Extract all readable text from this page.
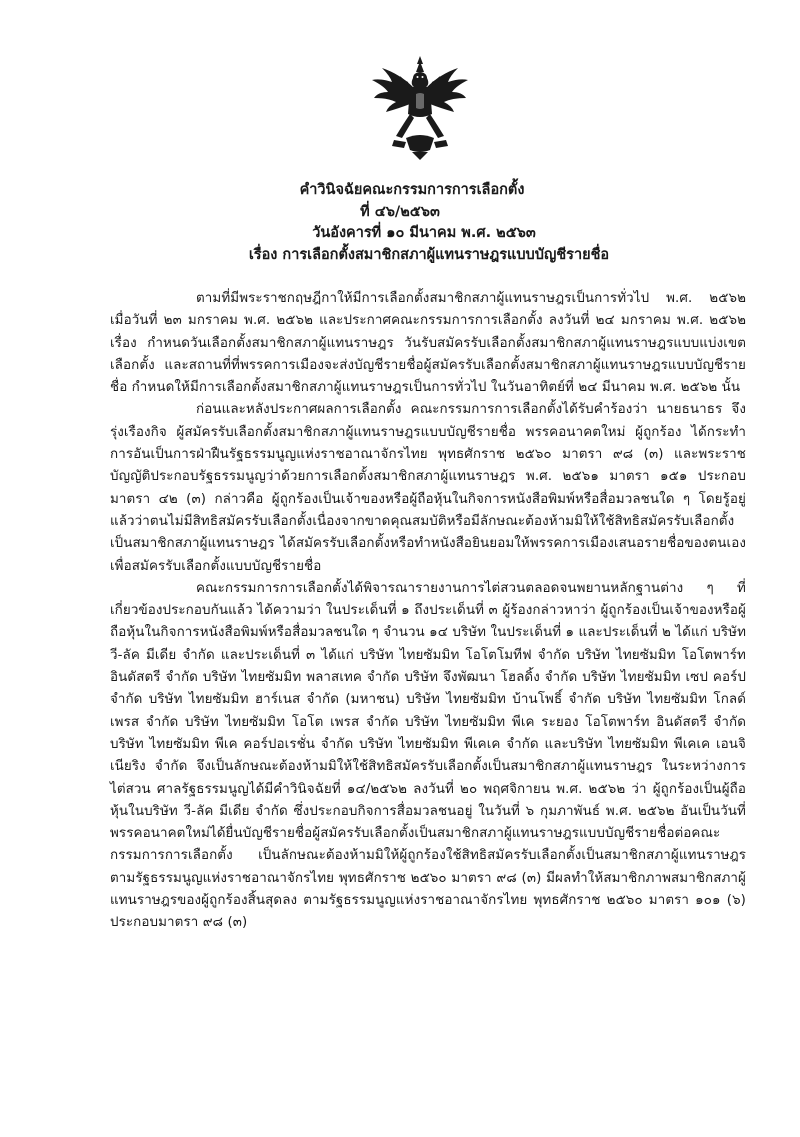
คำวินิจฉัยคณะกรรมการการเลือกตั้ง
ที่ ๔๖/๒๕๖๓
วันอังคารที่ ๑๐ มีนาคม พ.ศ. ๒๕๖๓
เรื่อง การเลือกตั้งสมาชิกสภาผู้แทนราษฎรแบบบัญชีรายชื่อ

ตามที่มีพระราชกฤษฎีกาให้มีการเลือกตั้งสมาชิกสภาผู้แทนราษฎรเป็นการทั่วไป พ.ศ. ๒๕๖๒ เมื่อวันที่ ๒๓ มกราคม พ.ศ. ๒๕๖๒ และประกาศคณะกรรมการการเลือกตั้ง ลงวันที่ ๒๔ มกราคม พ.ศ. ๒๕๖๒ เรื่อง กำหนดวันเลือกตั้งสมาชิกสภาผู้แทนราษฎร วันรับสมัครรับเลือกตั้งสมาชิกสภาผู้แทนราษฎรแบบแบ่งเขตเลือกตั้ง และสถานที่ที่พรรคการเมืองจะส่งบัญชีรายชื่อผู้สมัครรับเลือกตั้งสมาชิกสภาผู้แทนราษฎรแบบบัญชีรายชื่อ กำหนดให้มีการเลือกตั้งสมาชิกสภาผู้แทนราษฎรเป็นการทั่วไป ในวันอาทิตย์ที่ ๒๔ มีนาคม พ.ศ. ๒๕๖๒ นั้น

ก่อนและหลังประกาศผลการเลือกตั้ง คณะกรรมการการเลือกตั้งได้รับคำร้องว่า นายธนาธร จึงรุ่งเรืองกิจ ผู้สมัครรับเลือกตั้งสมาชิกสภาผู้แทนราษฎรแบบบัญชีรายชื่อ พรรคอนาคตใหม่ ผู้ถูกร้อง ได้กระทำการอันเป็นการฝ่าฝืนรัฐธรรมนูญแห่งราชอาณาจักรไทย พุทธศักราช ๒๕๖๐ มาตรา ๙๘ (๓) และพระราชบัญญัติประกอบรัฐธรรมนูญว่าด้วยการเลือกตั้งสมาชิกสภาผู้แทนราษฎร พ.ศ. ๒๕๖๑ มาตรา ๑๕๑ ประกอบมาตรา ๔๒ (๓) กล่าวคือ ผู้ถูกร้องเป็นเจ้าของหรือผู้ถือหุ้นในกิจการหนังสือพิมพ์หรือสื่อมวลชนใด ๆ โดยรู้อยู่แล้วว่าตนไม่มีสิทธิสมัครรับเลือกตั้งเนื่องจากขาดคุณสมบัติหรือมีลักษณะต้องห้ามมิให้ใช้สิทธิสมัครรับเลือกตั้งเป็นสมาชิกสภาผู้แทนราษฎร ได้สมัครรับเลือกตั้งหรือทำหนังสือยินยอมให้พรรคการเมืองเสนอรายชื่อของตนเองเพื่อสมัครรับเลือกตั้งแบบบัญชีรายชื่อ

คณะกรรมการการเลือกตั้งได้พิจารณารายงานการไต่สวนตลอดจนพยานหลักฐานต่าง ๆ ที่เกี่ยวข้องประกอบกันแล้ว ได้ความว่า ในประเด็นที่ ๑ ถึงประเด็นที่ ๓ ผู้ร้องกล่าวหาว่า ผู้ถูกร้องเป็นเจ้าของหรือผู้ถือหุ้นในกิจการหนังสือพิมพ์หรือสื่อมวลชนใด ๆ จำนวน ๑๔ บริษัท ในประเด็นที่ ๑ และประเด็นที่ ๒ ได้แก่ บริษัท วี-ลัค มีเดีย จำกัด และประเด็นที่ ๓ ได้แก่ บริษัท ไทยซัมมิท โอโตโมทีฟ จำกัด บริษัท ไทยซัมมิท โอโตพาร์ท อินดัสตรี จำกัด บริษัท ไทยซัมมิท พลาสเทค จำกัด บริษัท จึงพัฒนา โฮลดิ้ง จำกัด บริษัท ไทยซัมมิท เซป คอร์ป จำกัด บริษัท ไทยซัมมิท ฮาร์เนส จำกัด (มหาชน) บริษัท ไทยซัมมิท บ้านโพธิ์ จำกัด บริษัท ไทยซัมมิท โกลด์ เพรส จำกัด บริษัท ไทยซัมมิท โอโต เพรส จำกัด บริษัท ไทยซัมมิท พีเค ระยอง โอโตพาร์ท อินดัสตรี จำกัด บริษัท ไทยซัมมิท พีเค คอร์ปอเรชั่น จำกัด บริษัท ไทยซัมมิท พีเคเค จำกัด และบริษัท ไทยซัมมิท พีเคเค เอนจิเนียริง จำกัด จึงเป็นลักษณะต้องห้ามมิให้ใช้สิทธิสมัครรับเลือกตั้งเป็นสมาชิกสภาผู้แทนราษฎร ในระหว่างการไต่สวน ศาลรัฐธรรมนูญได้มีคำวินิจฉัยที่ ๑๔/๒๕๖๒ ลงวันที่ ๒๐ พฤศจิกายน พ.ศ. ๒๕๖๒ ว่า ผู้ถูกร้องเป็นผู้ถือหุ้นในบริษัท วี-ลัค มีเดีย จำกัด ซึ่งประกอบกิจการสื่อมวลชนอยู่ ในวันที่ ๖ กุมภาพันธ์ พ.ศ. ๒๕๖๒ อันเป็นวันที่พรรคอนาคตใหม่ได้ยื่นบัญชีรายชื่อผู้สมัครรับเลือกตั้งเป็นสมาชิกสภาผู้แทนราษฎรแบบบัญชีรายชื่อต่อคณะกรรมการการเลือกตั้ง เป็นลักษณะต้องห้ามมิให้ผู้ถูกร้องใช้สิทธิสมัครรับเลือกตั้งเป็นสมาชิกสภาผู้แทนราษฎร ตามรัฐธรรมนูญแห่งราชอาณาจักรไทย พุทธศักราช ๒๕๖๐ มาตรา ๙๘ (๓) มีผลทำให้สมาชิกภาพสมาชิกสภาผู้แทนราษฎรของผู้ถูกร้องสิ้นสุดลง ตามรัฐธรรมนูญแห่งราชอาณาจักรไทย พุทธศักราช ๒๕๖๐ มาตรา ๑๐๑ (๖) ประกอบมาตรา ๙๘ (๓)
